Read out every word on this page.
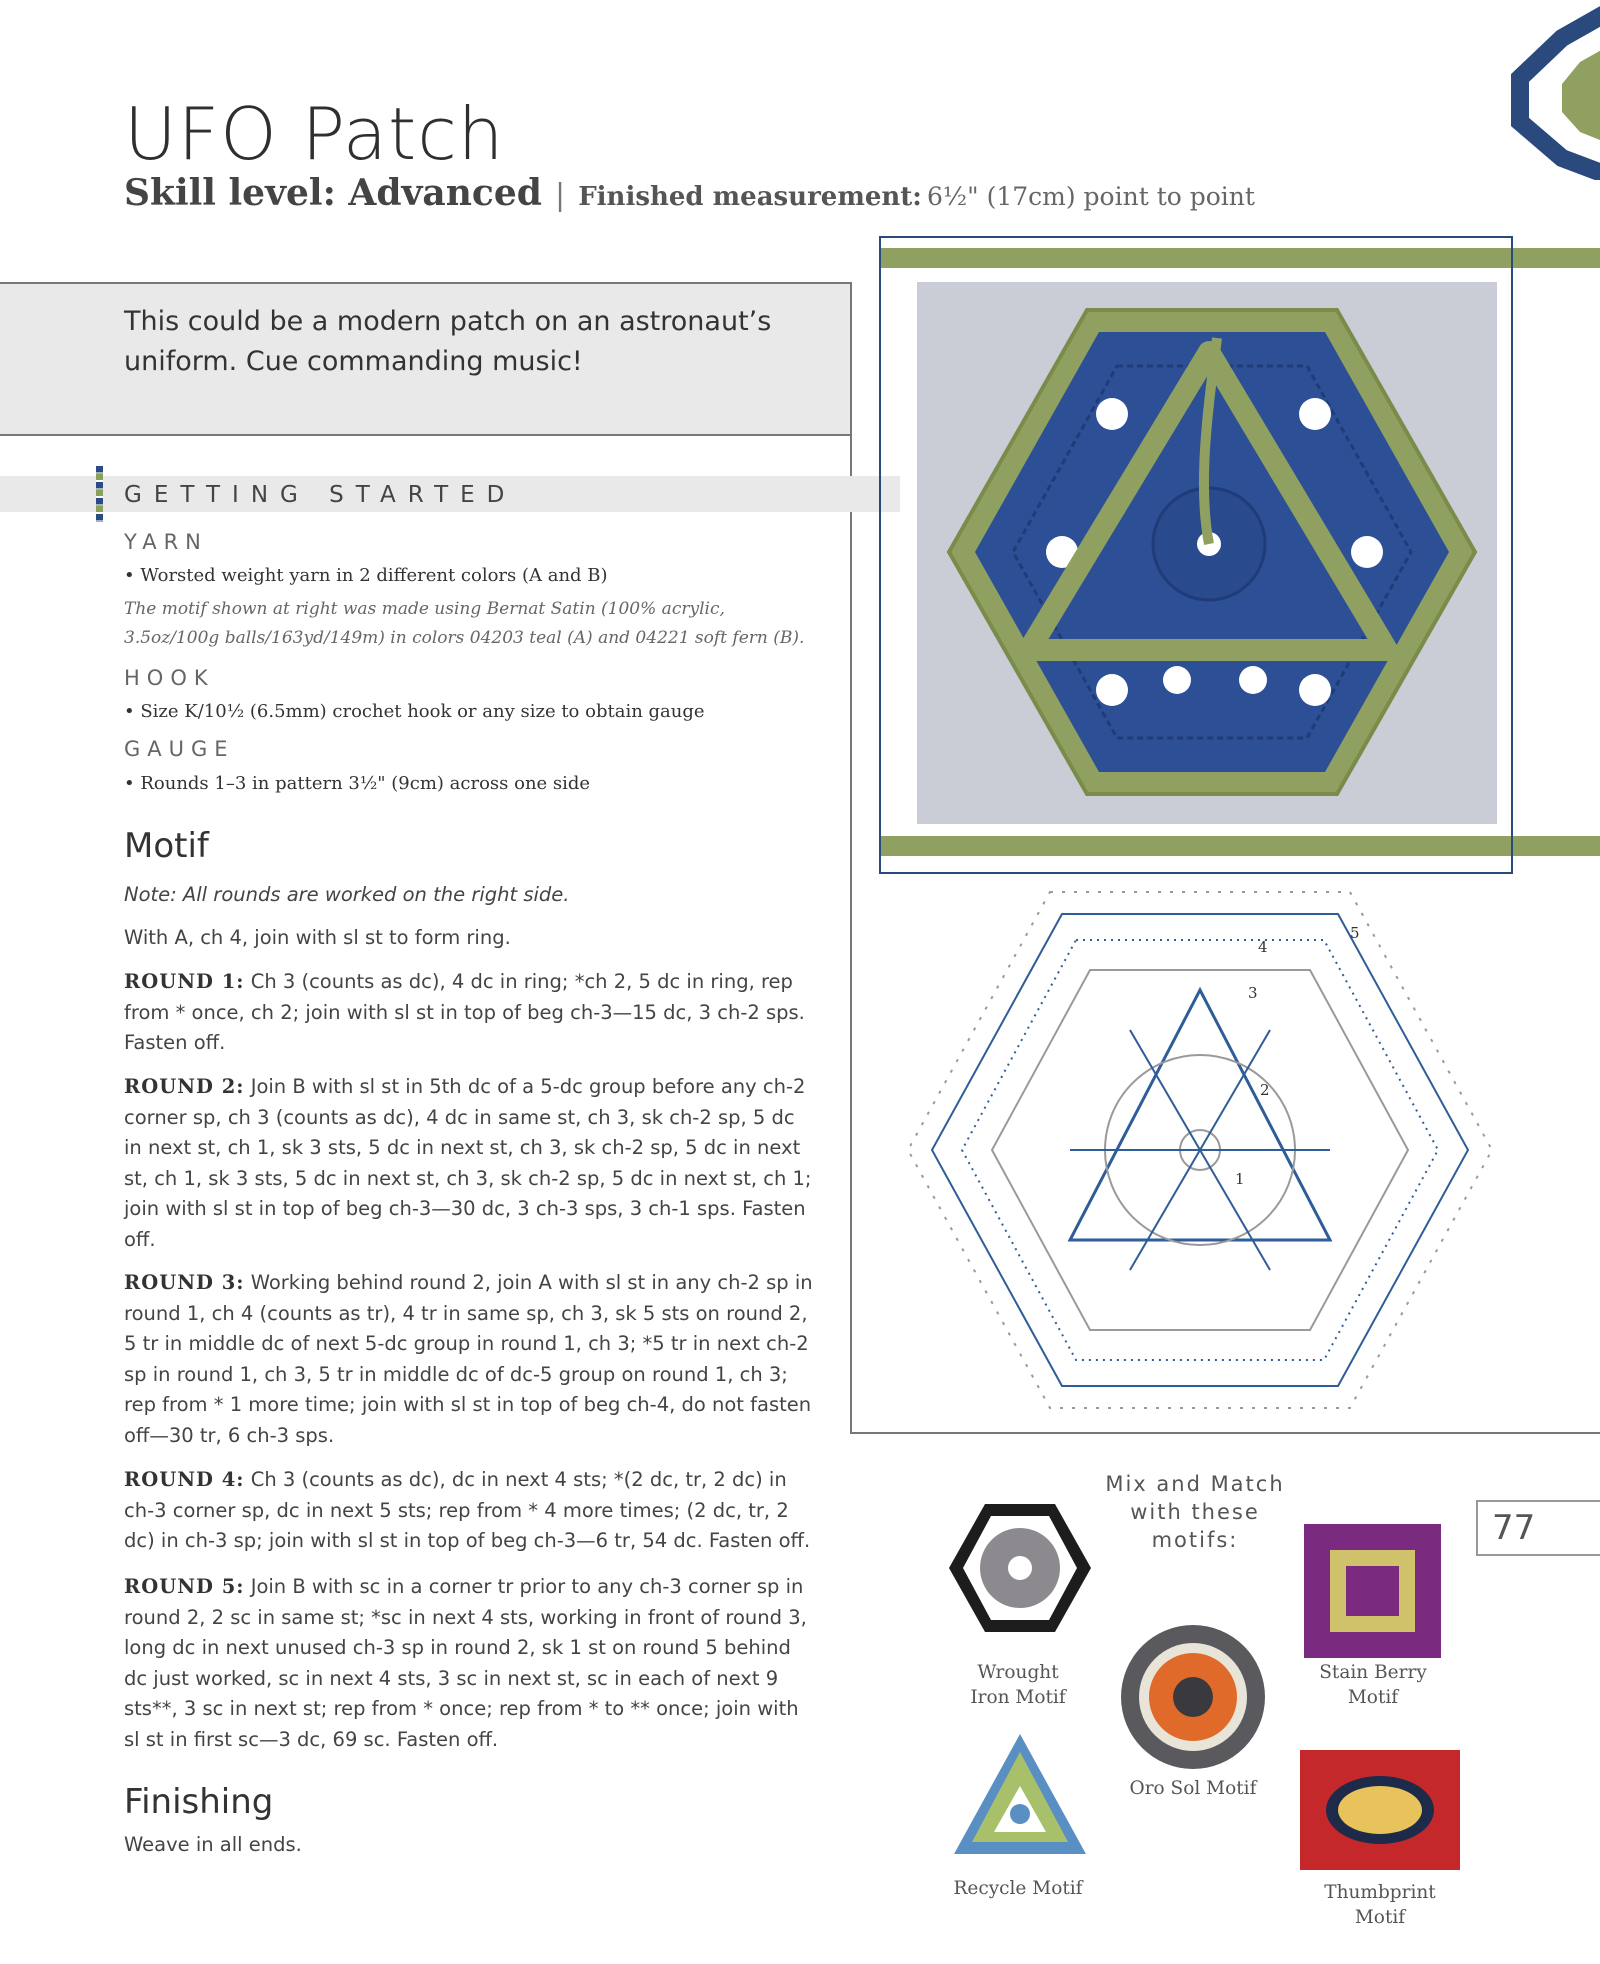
UFO Patch
Skill level: Advanced | Finished measurement: 6½" (17cm) point to point
This could be a modern patch on an astronaut’s uniform. Cue commanding music!
GETTING STARTED
YARN
• Worsted weight yarn in 2 different colors (A and B)
The motif shown at right was made using Bernat Satin (100% acrylic, 3.5oz/100g balls/163yd/149m) in colors 04203 teal (A) and 04221 soft fern (B).
HOOK
• Size K/10½ (6.5mm) crochet hook or any size to obtain gauge
GAUGE
• Rounds 1–3 in pattern 3½" (9cm) across one side
Motif
Note: All rounds are worked on the right side.
With A, ch 4, join with sl st to form ring.
ROUND 1: Ch 3 (counts as dc), 4 dc in ring; *ch 2, 5 dc in ring, rep from * once, ch 2; join with sl st in top of beg ch-3—15 dc, 3 ch-2 sps. Fasten off.
ROUND 2: Join B with sl st in 5th dc of a 5-dc group before any ch-2 corner sp, ch 3 (counts as dc), 4 dc in same st, ch 3, sk ch-2 sp, 5 dc in next st, ch 1, sk 3 sts, 5 dc in next st, ch 3, sk ch-2 sp, 5 dc in next st, ch 1, sk 3 sts, 5 dc in next st, ch 3, sk ch-2 sp, 5 dc in next st, ch 1; join with sl st in top of beg ch-3—30 dc, 3 ch-3 sps, 3 ch-1 sps. Fasten off.
ROUND 3: Working behind round 2, join A with sl st in any ch-2 sp in round 1, ch 4 (counts as tr), 4 tr in same sp, ch 3, sk 5 sts on round 2, 5 tr in middle dc of next 5-dc group in round 1, ch 3; *5 tr in next ch-2 sp in round 1, ch 3, 5 tr in middle dc of dc-5 group on round 1, ch 3; rep from * 1 more time; join with sl st in top of beg ch-4, do not fasten off—30 tr, 6 ch-3 sps.
ROUND 4: Ch 3 (counts as dc), dc in next 4 sts; *(2 dc, tr, 2 dc) in ch-3 corner sp, dc in next 5 sts; rep from * 4 more times; (2 dc, tr, 2 dc) in ch-3 sp; join with sl st in top of beg ch-3—6 tr, 54 dc. Fasten off.
ROUND 5: Join B with sc in a corner tr prior to any ch-3 corner sp in round 2, 2 sc in same st; *sc in next 4 sts, working in front of round 3, long dc in next unused ch-3 sp in round 2, sk 1 st on round 5 behind dc just worked, sc in next 4 sts, 3 sc in next st, sc in each of next 9 sts**, 3 sc in next st; rep from * once; rep from * to ** once; join with sl st in first sc—3 dc, 69 sc. Fasten off.
Finishing
Weave in all ends.
1
2
3
4
5
77
Mix and Match
with these
motifs:
Wrought
Iron Motif
Stain Berry
Motif
Oro Sol Motif
Recycle Motif	Thumbprint
Motif
